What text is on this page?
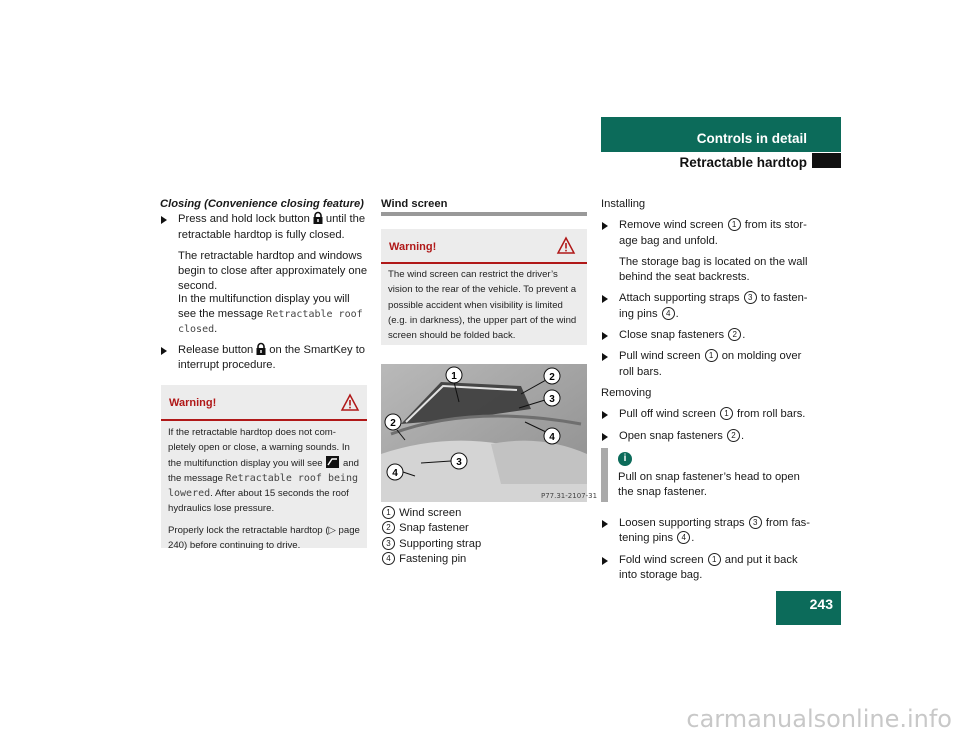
Controls in detail
Retractable hardtop

Closing (Convenience closing feature)

Press and hold lock button until the retractable hardtop is fully closed.

The retractable hardtop and windows begin to close after approximately one second.

In the multifunction display you will see the message Retractable roof closed.

Release button on the SmartKey to interrupt procedure.
Warning!

If the retractable hardtop does not com-pletely open or close, a warning sounds. In the multifunction display you will see and the message Retractable roof being lowered. After about 15 seconds the roof hydraulics lose pressure.

Properly lock the retractable hardtop (▷ page 240) before continuing to drive.

Wind screen

Warning!
The wind screen can restrict the driver’s vision to the rear of the vehicle. To prevent a possible accident when visibility is limited (e.g. in darkness), the upper part of the wind screen should be folded back.
P77.31-2107-31
1	2
2
3
3
4
4

1 Wind screen

2 Snap fastener

3 Supporting strap

4 Fastening pin

Installing

Remove wind screen 1 from its stor-age bag and unfold.

The storage bag is located on the wall behind the seat backrests.

Attach supporting straps 3 to fasten-ing pins 4 .
Close snap fasteners 2 .
Pull wind screen 1 on molding over roll bars.

Removing

Pull off wind screen 1 from roll bars.
Open snap fasteners 2 .
i
Pull on snap fastener’s head to open the snap fastener.
Loosen supporting straps 3 from fas-tening pins 4 .
Fold wind screen 1 and put it back into storage bag.
243
carmanualsonline.info
